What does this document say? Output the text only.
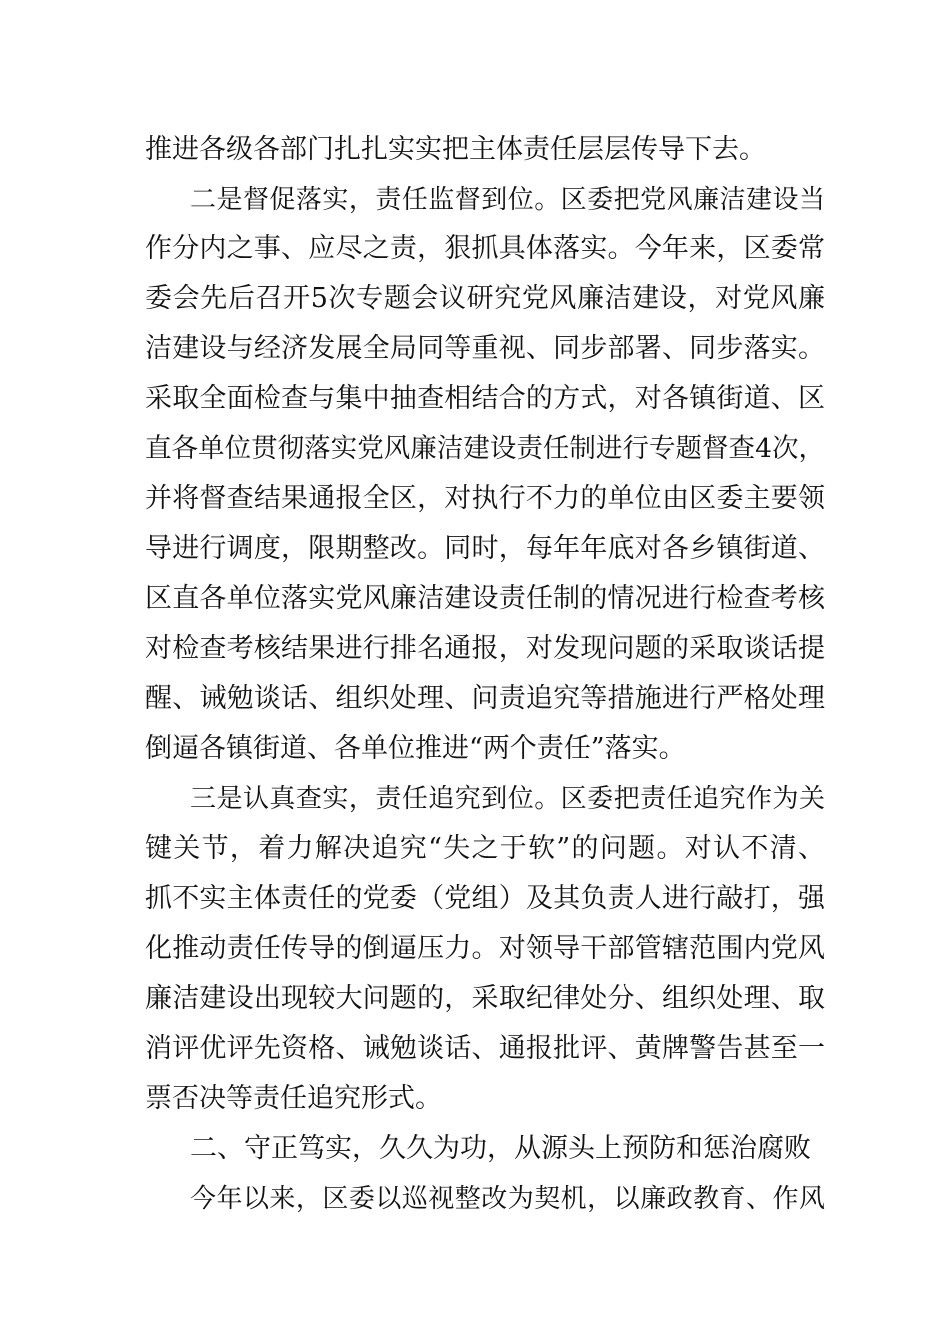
推进各级各部门扎扎实实把主体责任层层传导下去。
二是督促落实，责任监督到位。区委把党风廉洁建设当
作分内之事、应尽之责，狠抓具体落实。今年来，区委常
委会先后召开5次专题会议研究党风廉洁建设，对党风廉
洁建设与经济发展全局同等重视、同步部署、同步落实。
采取全面检查与集中抽查相结合的方式，对各镇街道、区
直各单位贯彻落实党风廉洁建设责任制进行专题督查4次，
并将督查结果通报全区，对执行不力的单位由区委主要领
导进行调度，限期整改。同时，每年年底对各乡镇街道、
区直各单位落实党风廉洁建设责任制的情况进行检查考核
对检查考核结果进行排名通报，对发现问题的采取谈话提
醒、诫勉谈话、组织处理、问责追究等措施进行严格处理
倒逼各镇街道、各单位推进“两个责任”落实。
三是认真查实，责任追究到位。区委把责任追究作为关
键关节，着力解决追究“失之于软”的问题。对认不清、
抓不实主体责任的党委（党组）及其负责人进行敲打，强
化推动责任传导的倒逼压力。对领导干部管辖范围内党风
廉洁建设出现较大问题的，采取纪律处分、组织处理、取
消评优评先资格、诫勉谈话、通报批评、黄牌警告甚至一
票否决等责任追究形式。
二、守正笃实，久久为功，从源头上预防和惩治腐败
今年以来，区委以巡视整改为契机，以廉政教育、作风
